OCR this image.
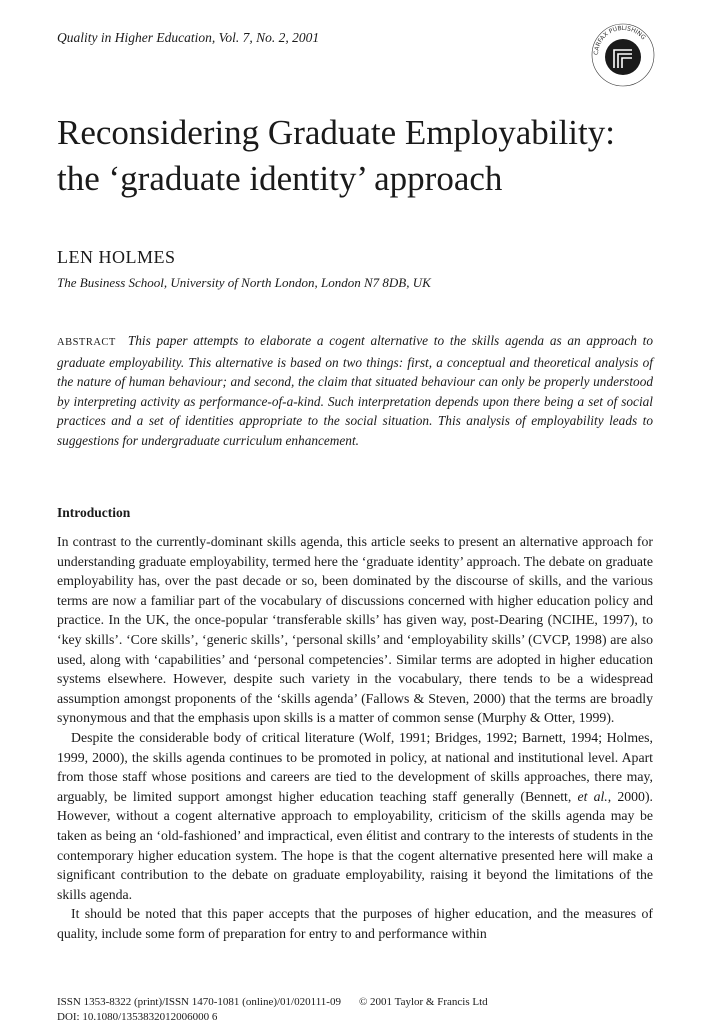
Quality in Higher Education, Vol. 7, No. 2, 2001
CARFAX PUBLISHING
Reconsidering Graduate Employability: the ‘graduate identity’ approach
LEN HOLMES
The Business School, University of North London, London N7 8DB, UK

ABSTRACT This paper attempts to elaborate a cogent alternative to the skills agenda as an approach to graduate employability. This alternative is based on two things: first, a conceptual and theoretical analysis of the nature of human behaviour; and second, the claim that situated behaviour can only be properly understood by interpreting activity as performance-of-a-kind. Such interpretation depends upon there being a set of social practices and a set of identities appropriate to the social situation. This analysis of employability leads to suggestions for undergraduate curriculum enhancement.

Introduction

In contrast to the currently-dominant skills agenda, this article seeks to present an alternative approach for understanding graduate employability, termed here the ‘graduate identity’ approach. The debate on graduate employability has, over the past decade or so, been dominated by the discourse of skills, and the various terms are now a familiar part of the vocabulary of discussions concerned with higher education policy and practice. In the UK, the once-popular ‘transferable skills’ has given way, post-Dearing (NCIHE, 1997), to ‘key skills’. ‘Core skills’, ‘generic skills’, ‘personal skills’ and ‘employability skills’ (CVCP, 1998) are also used, along with ‘capabilities’ and ‘personal competencies’. Similar terms are adopted in higher education systems elsewhere. However, despite such variety in the vocabulary, there tends to be a widespread assumption amongst proponents of the ‘skills agenda’ (Fallows & Steven, 2000) that the terms are broadly synonymous and that the emphasis upon skills is a matter of common sense (Murphy & Otter, 1999).

Despite the considerable body of critical literature (Wolf, 1991; Bridges, 1992; Barnett, 1994; Holmes, 1999, 2000), the skills agenda continues to be promoted in policy, at national and institutional level. Apart from those staff whose positions and careers are tied to the development of skills approaches, there may, arguably, be limited support amongst higher education teaching staff generally (Bennett, et al., 2000). However, without a cogent alternative approach to employability, criticism of the skills agenda may be taken as being an ‘old-fashioned’ and impractical, even élitist and contrary to the interests of students in the contemporary higher education system. The hope is that the cogent alternative presented here will make a significant contribution to the debate on graduate employability, raising it beyond the limitations of the skills agenda.

It should be noted that this paper accepts that the purposes of higher education, and the measures of quality, include some form of preparation for entry to and performance within

ISSN 1353-8322 (print)/ISSN 1470-1081 (online)/01/020111-09 © 2001 Taylor & Francis Ltd
DOI: 10.1080/1353832012006000 6
